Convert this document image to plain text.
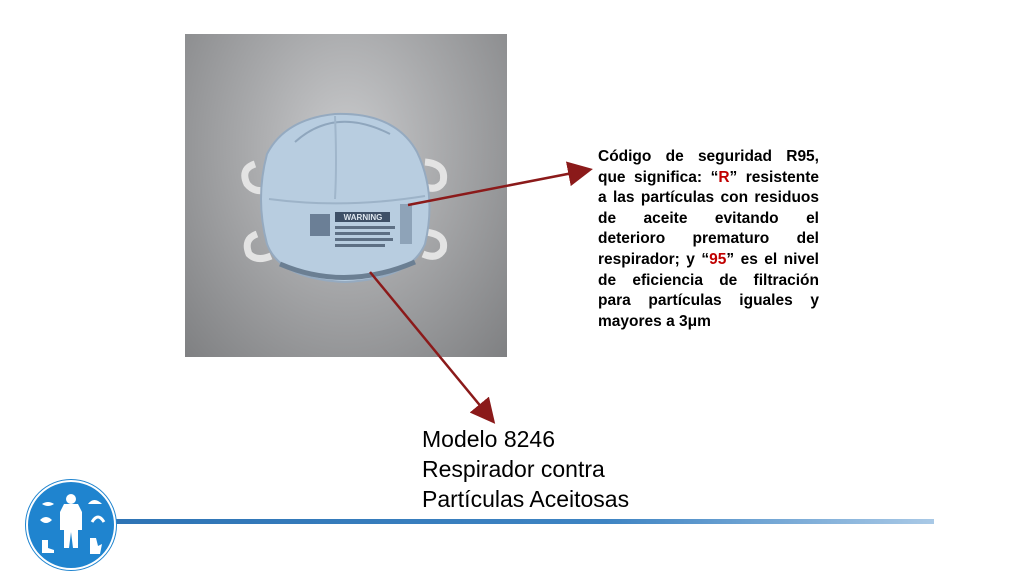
WARNING
Código de seguridad R95, que significa: “R” resistente a las partículas con residuos de aceite evitando el deterioro prematuro del respirador; y “95” es el nivel de eficiencia de filtración para partículas iguales y mayores a 3μm
Modelo 8246
Respirador contra
Partículas Aceitosas
